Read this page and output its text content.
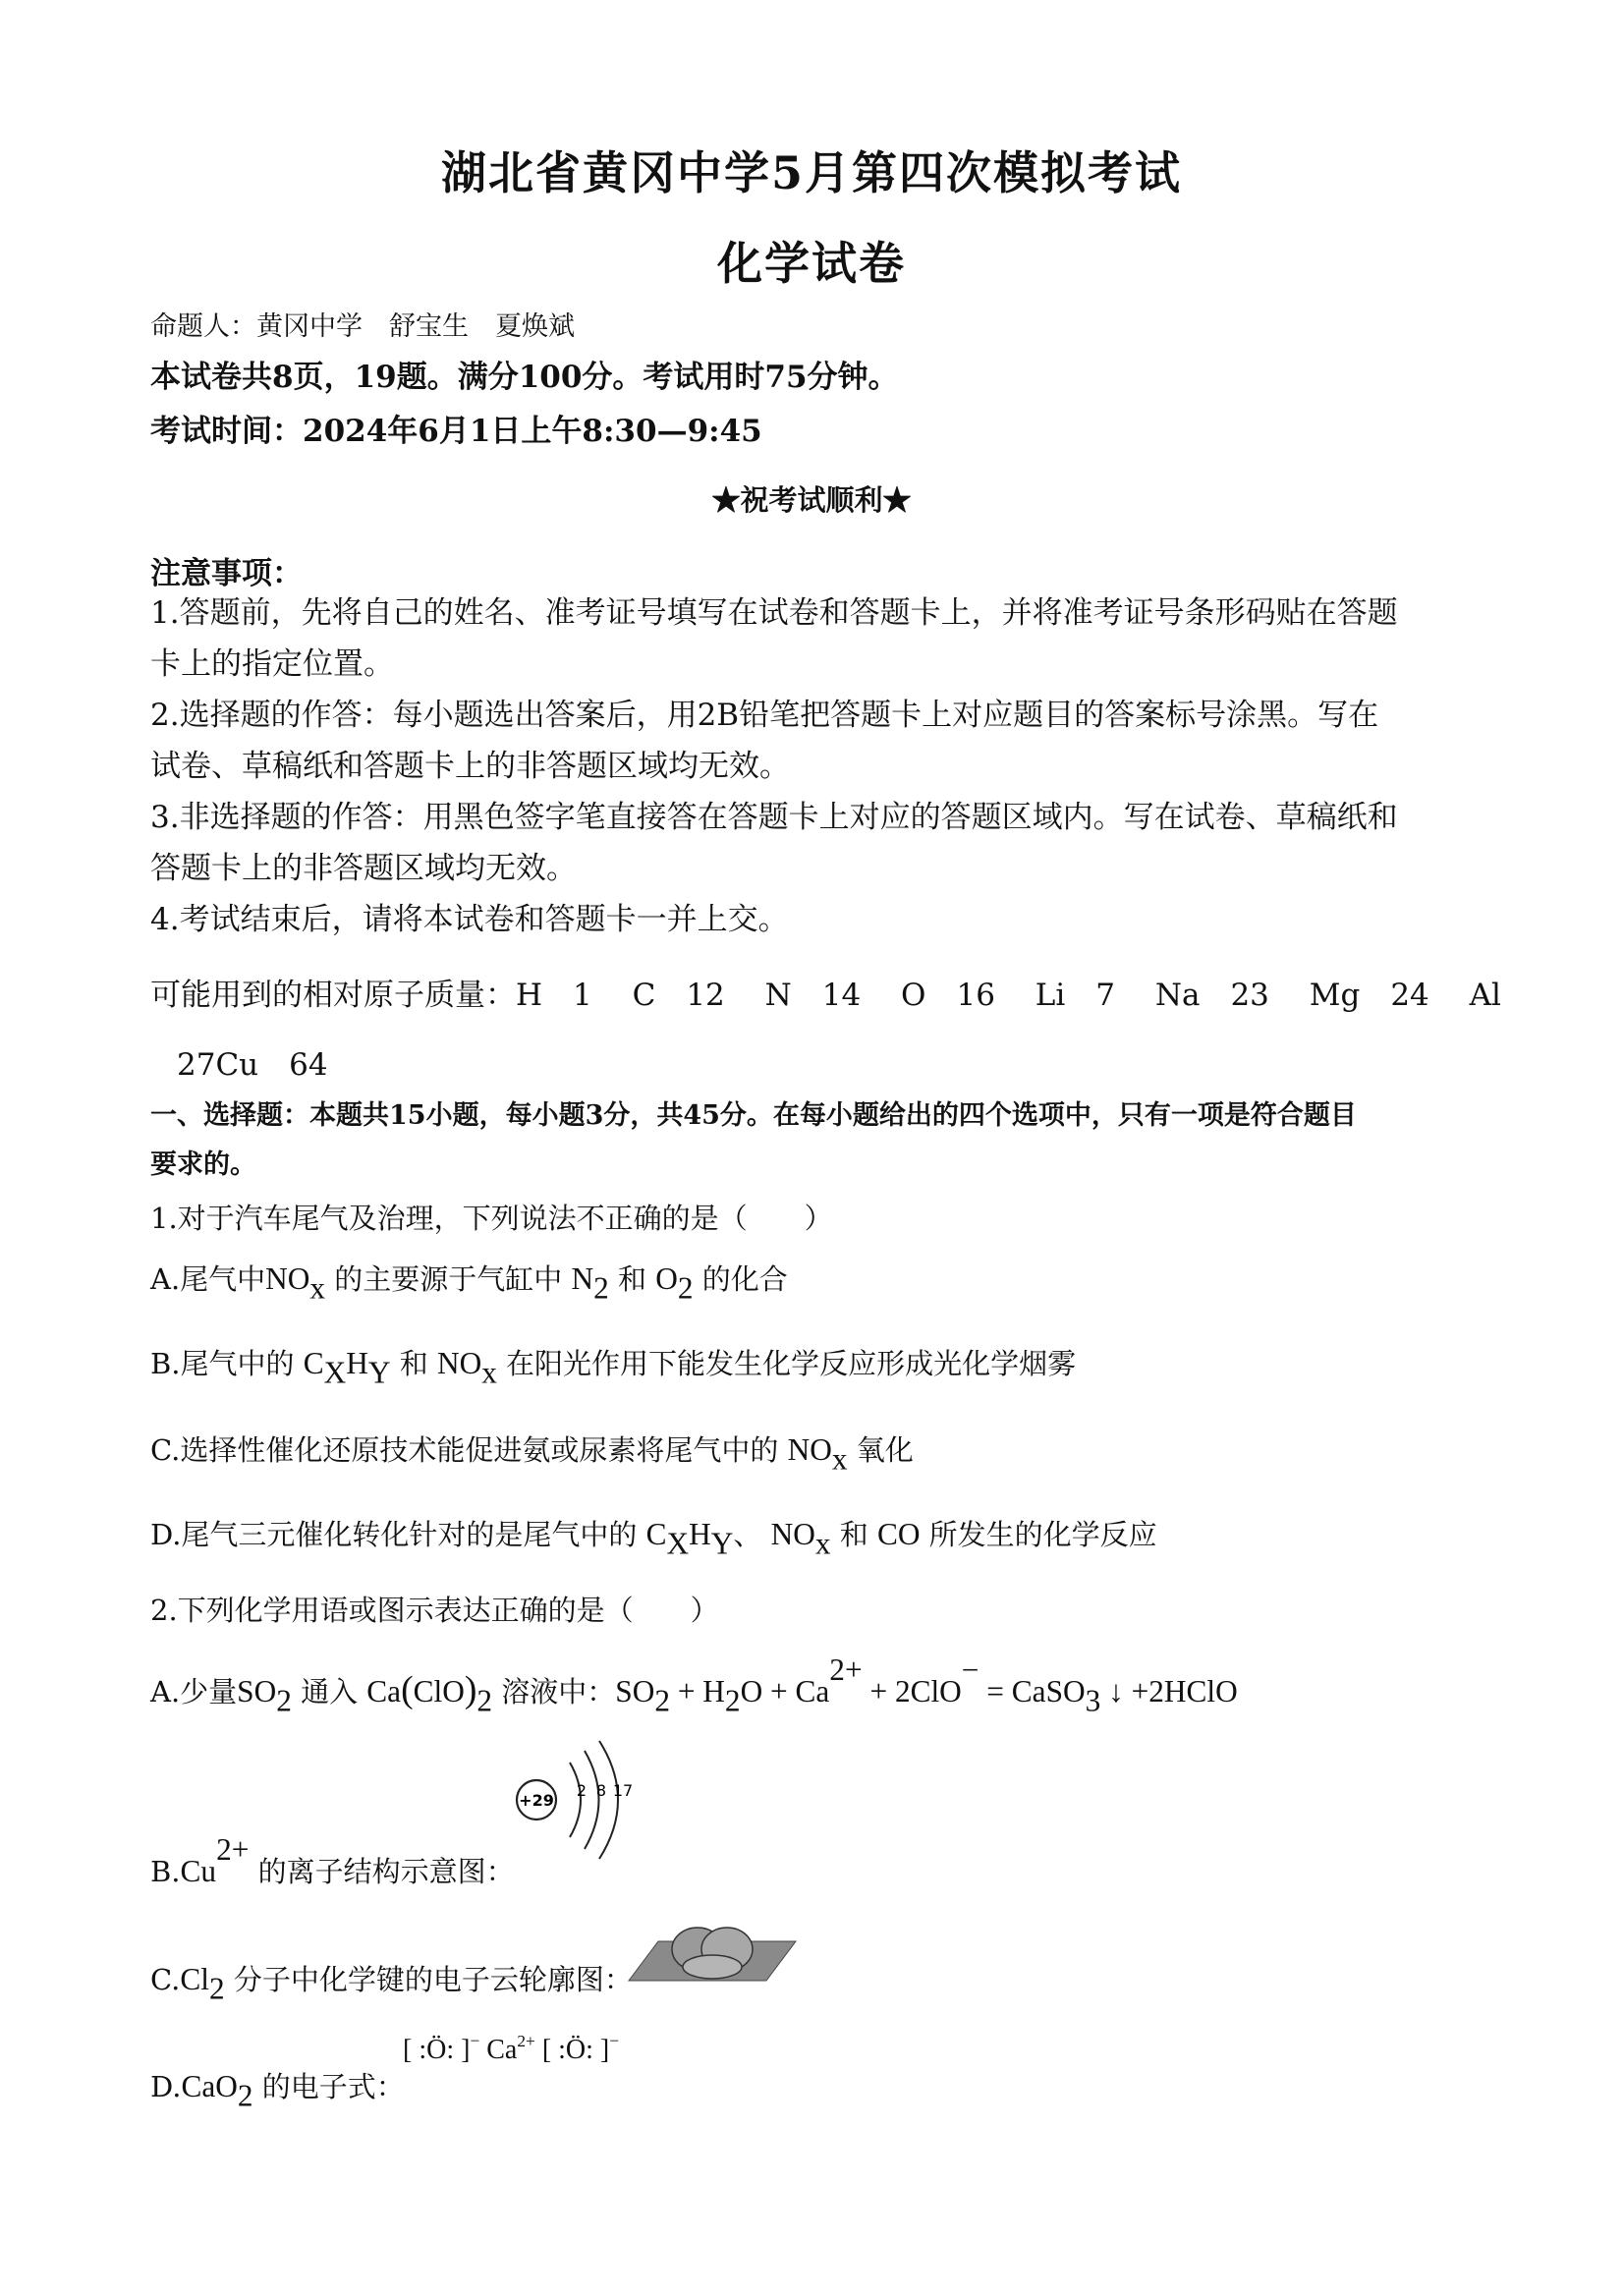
湖北省黄冈中学5月第四次模拟考试
化学试卷
命题人：黄冈中学　舒宝生　夏焕斌
本试卷共8页，19题。满分100分。考试用时75分钟。
考试时间：2024年6月1日上午8:30—9:45
★祝考试顺利★
注意事项：
1.答题前，先将自己的姓名、准考证号填写在试卷和答题卡上，并将准考证号条形码贴在答题
卡上的指定位置。
2.选择题的作答：每小题选出答案后，用2B铅笔把答题卡上对应题目的答案标号涂黑。写在
试卷、草稿纸和答题卡上的非答题区域均无效。
3.非选择题的作答：用黑色签字笔直接答在答题卡上对应的答题区域内。写在试卷、草稿纸和
答题卡上的非答题区域均无效。
4.考试结束后，请将本试卷和答题卡一并上交。
可能用到的相对原子质量：H　1　 C　12　 N　14　 O　16　 Li　7　 Na　23　 Mg　24　 Al
27Cu　64
一、选择题：本题共15小题，每小题3分，共45分。在每小题给出的四个选项中，只有一项是符合题目
要求的。
1.对于汽车尾气及治理，下列说法不正确的是（　　）
A.尾气中$NO_x$ 的主要源于气缸中 $N_2$ 和 $O_2$ 的化合
B.尾气中的 $C_XH_Y$ 和 $NO_x$ 在阳光作用下能发生化学反应形成光化学烟雾
C.选择性催化还原技术能促进氨或尿素将尾气中的 $NO_x$ 氧化
D.尾气三元催化转化针对的是尾气中的 $C_XH_Y$、 $NO_x$ 和 CO 所发生的化学反应
2.下列化学用语或图示表达正确的是（　　）
A.少量$SO_2$ 通入 $Ca(ClO)_2$ 溶液中：$SO_2 + H_2O + Ca^{2+} + 2ClO^-$ = CaSO$_3$ ↓ +2HClO
$B.Cu^{2+}$ 的离子结构示意图：
+29
2 8 17
$C.Cl_2$ 分子中化学键的电子云轮廓图：
D.CaO$_2$ 的电子式：
[ :Ö: ]− $Ca^{2+}$ [ :Ö: ]−
